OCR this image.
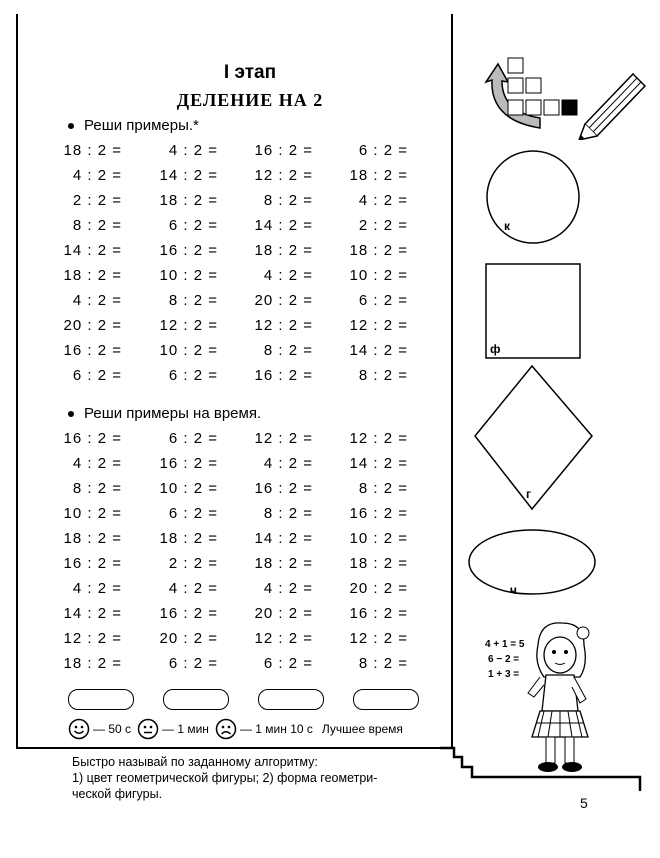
I этап
ДЕЛЕНИЕ НА 2
Реши примеры.*
18 : 2 =	4 : 2 =	16 : 2 =	6 : 2 =
4 : 2 =	14 : 2 =	12 : 2 =	18 : 2 =
2 : 2 =	18 : 2 =	8 : 2 =	4 : 2 =
8 : 2 =	6 : 2 =	14 : 2 =	2 : 2 =
14 : 2 =	16 : 2 =	18 : 2 =	18 : 2 =
18 : 2 =	10 : 2 =	4 : 2 =	10 : 2 =
4 : 2 =	8 : 2 =	20 : 2 =	6 : 2 =
20 : 2 =	12 : 2 =	12 : 2 =	12 : 2 =
16 : 2 =	10 : 2 =	8 : 2 =	14 : 2 =
6 : 2 =	6 : 2 =	16 : 2 =	8 : 2 =
Реши примеры на время.
16 : 2 =	6 : 2 =	12 : 2 =	12 : 2 =
4 : 2 =	16 : 2 =	4 : 2 =	14 : 2 =
8 : 2 =	10 : 2 =	16 : 2 =	8 : 2 =
10 : 2 =	6 : 2 =	8 : 2 =	16 : 2 =
18 : 2 =	18 : 2 =	14 : 2 =	10 : 2 =
16 : 2 =	2 : 2 =	18 : 2 =	18 : 2 =
4 : 2 =	4 : 2 =	4 : 2 =	20 : 2 =
14 : 2 =	16 : 2 =	20 : 2 =	16 : 2 =
12 : 2 =	20 : 2 =	12 : 2 =	12 : 2 =
18 : 2 =	6 : 2 =	6 : 2 =	8 : 2 =
— 50 с	— 1 мин	— 1 мин 10 с Лучшее время
к
ф
г
ч
4 + 1 = 5
6 − 2 =
1 + 3 =
Быстро называй по заданному алгоритму:
1) цвет геометрической фигуры; 2) форма геометри-
ческой фигуры.
5
